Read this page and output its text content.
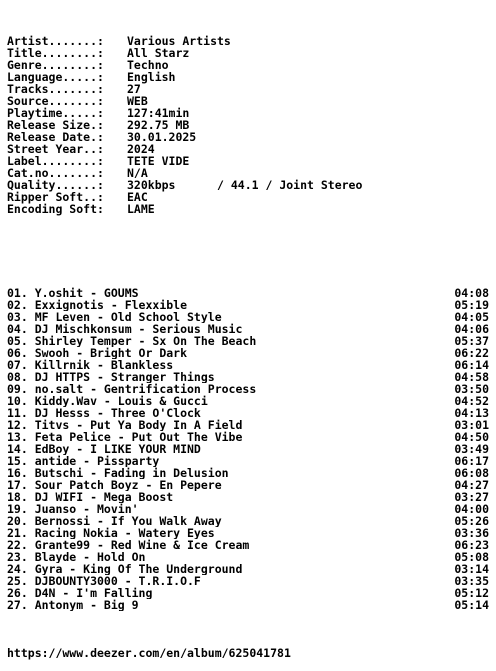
Artist.......:	Various Artists
Title........:	All Starz
Genre........:	Techno
Language.....:	English
Tracks.......:	27
Source.......:	WEB
Playtime.....:	127:41min
Release Size.:	292.75 MB
Release Date.:	30.01.2025
Street Year..:	2024
Label........:	TETE VIDE
Cat.no.......:	N/A
Quality......:	320kbps      / 44.1 / Joint Stereo
Ripper Soft..:	EAC
Encoding Soft:	LAME

01. Y.oshit - GOUMS	04:08
02. Exxignotis - Flexxible	05:19
03. MF Leven - Old School Style	04:05
04. DJ Mischkonsum - Serious Music	04:06
05. Shirley Temper - Sx On The Beach	05:37
06. Swooh - Bright Or Dark	06:22
07. Killrnik - Blankless	06:14
08. DJ HTTPS - Stranger Things	04:58
09. no.salt - Gentrification Process	03:50
10. Kiddy.Wav - Louis & Gucci	04:52
11. DJ Hesss - Three O'Clock	04:13
12. Titvs - Put Ya Body In A Field	03:01
13. Feta Pelice - Put Out The Vibe	04:50
14. EdBoy - I LIKE YOUR MIND	03:49
15. antide - Pissparty	06:17
16. Butschi - Fading in Delusion	06:08
17. Sour Patch Boyz - En Pepere	04:27
18. DJ WIFI - Mega Boost	03:27
19. Juanso - Movin'	04:00
20. Bernossi - If You Walk Away	05:26
21. Racing Nokia - Watery Eyes	03:36
22. Grante99 - Red Wine & Ice Cream	06:23
23. Blayde - Hold On	05:08
24. Gyra - King Of The Underground	03:14
25. DJBOUNTY3000 - T.R.I.O.F	03:35
26. D4N - I'm Falling	05:12
27. Antonym - Big 9	05:14

https://www.deezer.com/en/album/625041781
